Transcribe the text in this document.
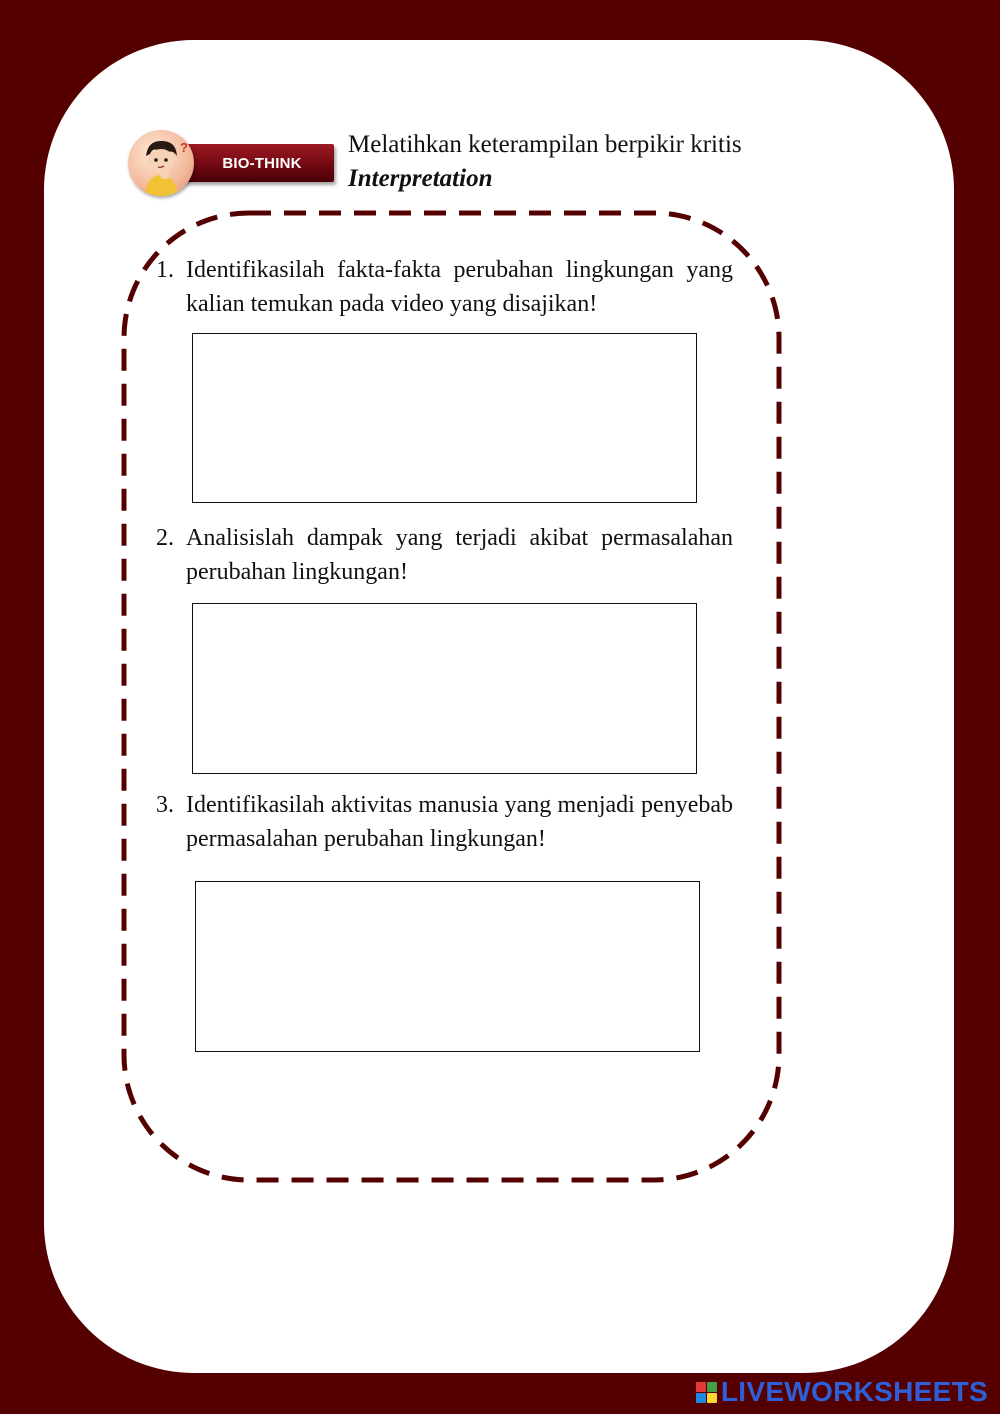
BIO-THINK
?	Melatihkan keterampilan berpikir kritis
Interpretation
1. Identifikasilah fakta-fakta perubahan lingkungan yang kalian temukan pada video yang disajikan!
2. Analisislah dampak yang terjadi akibat permasalahan perubahan lingkungan!
3. Identifikasilah aktivitas manusia yang menjadi penyebab permasalahan perubahan lingkungan!
LIVEWORKSHEETS
